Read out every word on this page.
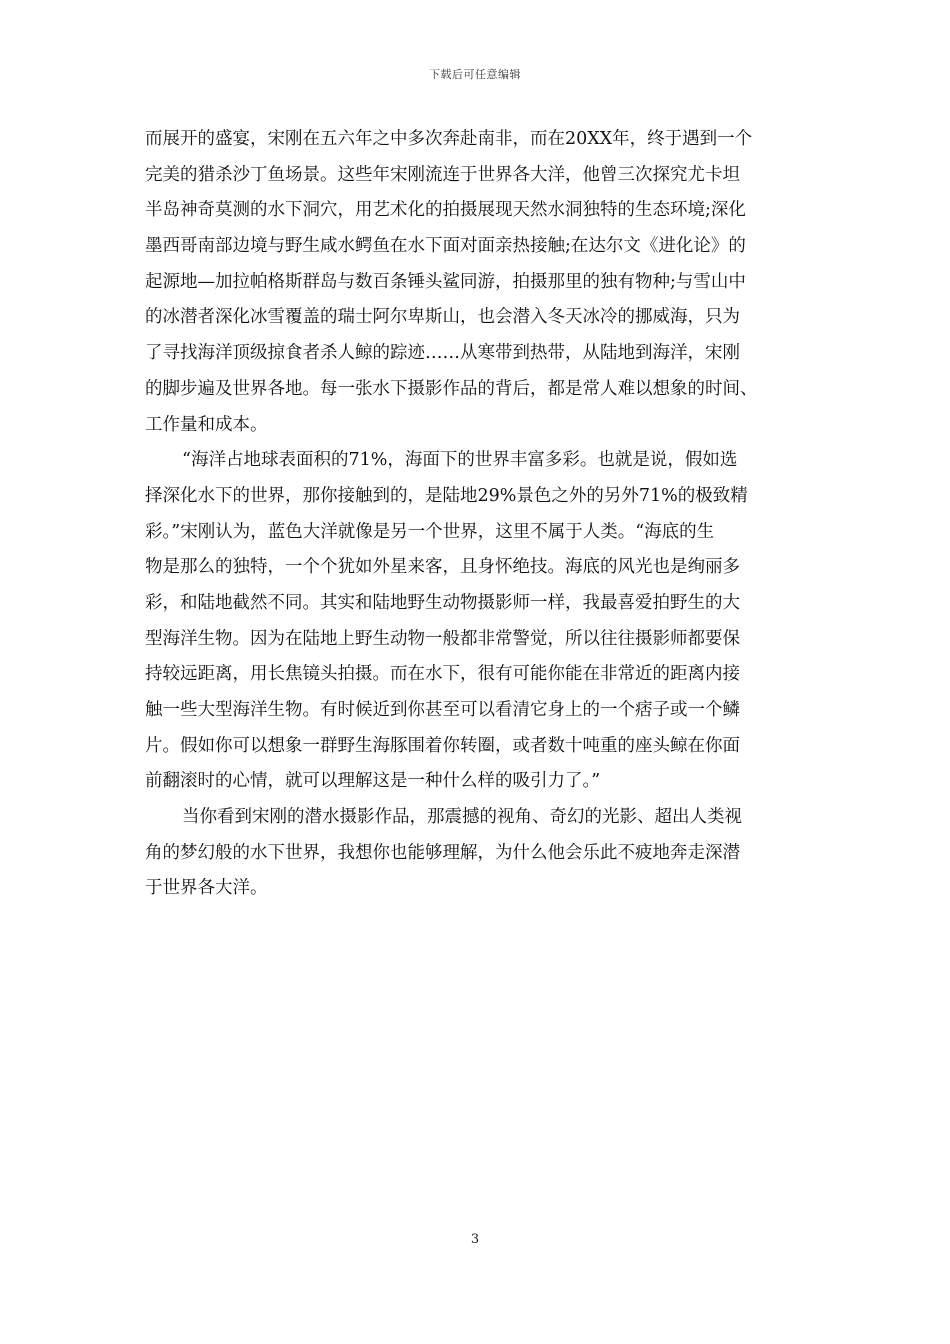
下载后可任意编辑
而展开的盛宴，宋刚在五六年之中多次奔赴南非，而在20XX年，终于遇到一个
完美的猎杀沙丁鱼场景。这些年宋刚流连于世界各大洋，他曾三次探究尤卡坦
半岛神奇莫测的水下洞穴，用艺术化的拍摄展现天然水洞独特的生态环境;深化
墨西哥南部边境与野生咸水鳄鱼在水下面对面亲热接触;在达尔文《进化论》的
起源地—加拉帕格斯群岛与数百条锤头鲨同游，拍摄那里的独有物种;与雪山中
的冰潜者深化冰雪覆盖的瑞士阿尔卑斯山，也会潜入冬天冰冷的挪威海，只为
了寻找海洋顶级掠食者杀人鲸的踪迹……从寒带到热带，从陆地到海洋，宋刚
的脚步遍及世界各地。每一张水下摄影作品的背后，都是常人难以想象的时间、
工作量和成本。
“海洋占地球表面积的71%，海面下的世界丰富多彩。也就是说，假如选
择深化水下的世界，那你接触到的，是陆地29%景色之外的另外71%的极致精
彩。”宋刚认为，蓝色大洋就像是另一个世界，这里不属于人类。“海底的生
物是那么的独特，一个个犹如外星来客，且身怀绝技。海底的风光也是绚丽多
彩，和陆地截然不同。其实和陆地野生动物摄影师一样，我最喜爱拍野生的大
型海洋生物。因为在陆地上野生动物一般都非常警觉，所以往往摄影师都要保
持较远距离，用长焦镜头拍摄。而在水下，很有可能你能在非常近的距离内接
触一些大型海洋生物。有时候近到你甚至可以看清它身上的一个痞子或一个鳞
片。假如你可以想象一群野生海豚围着你转圈，或者数十吨重的座头鲸在你面
前翻滚时的心情，就可以理解这是一种什么样的吸引力了。”
当你看到宋刚的潜水摄影作品，那震撼的视角、奇幻的光影、超出人类视
角的梦幻般的水下世界，我想你也能够理解，为什么他会乐此不疲地奔走深潜
于世界各大洋。
3
